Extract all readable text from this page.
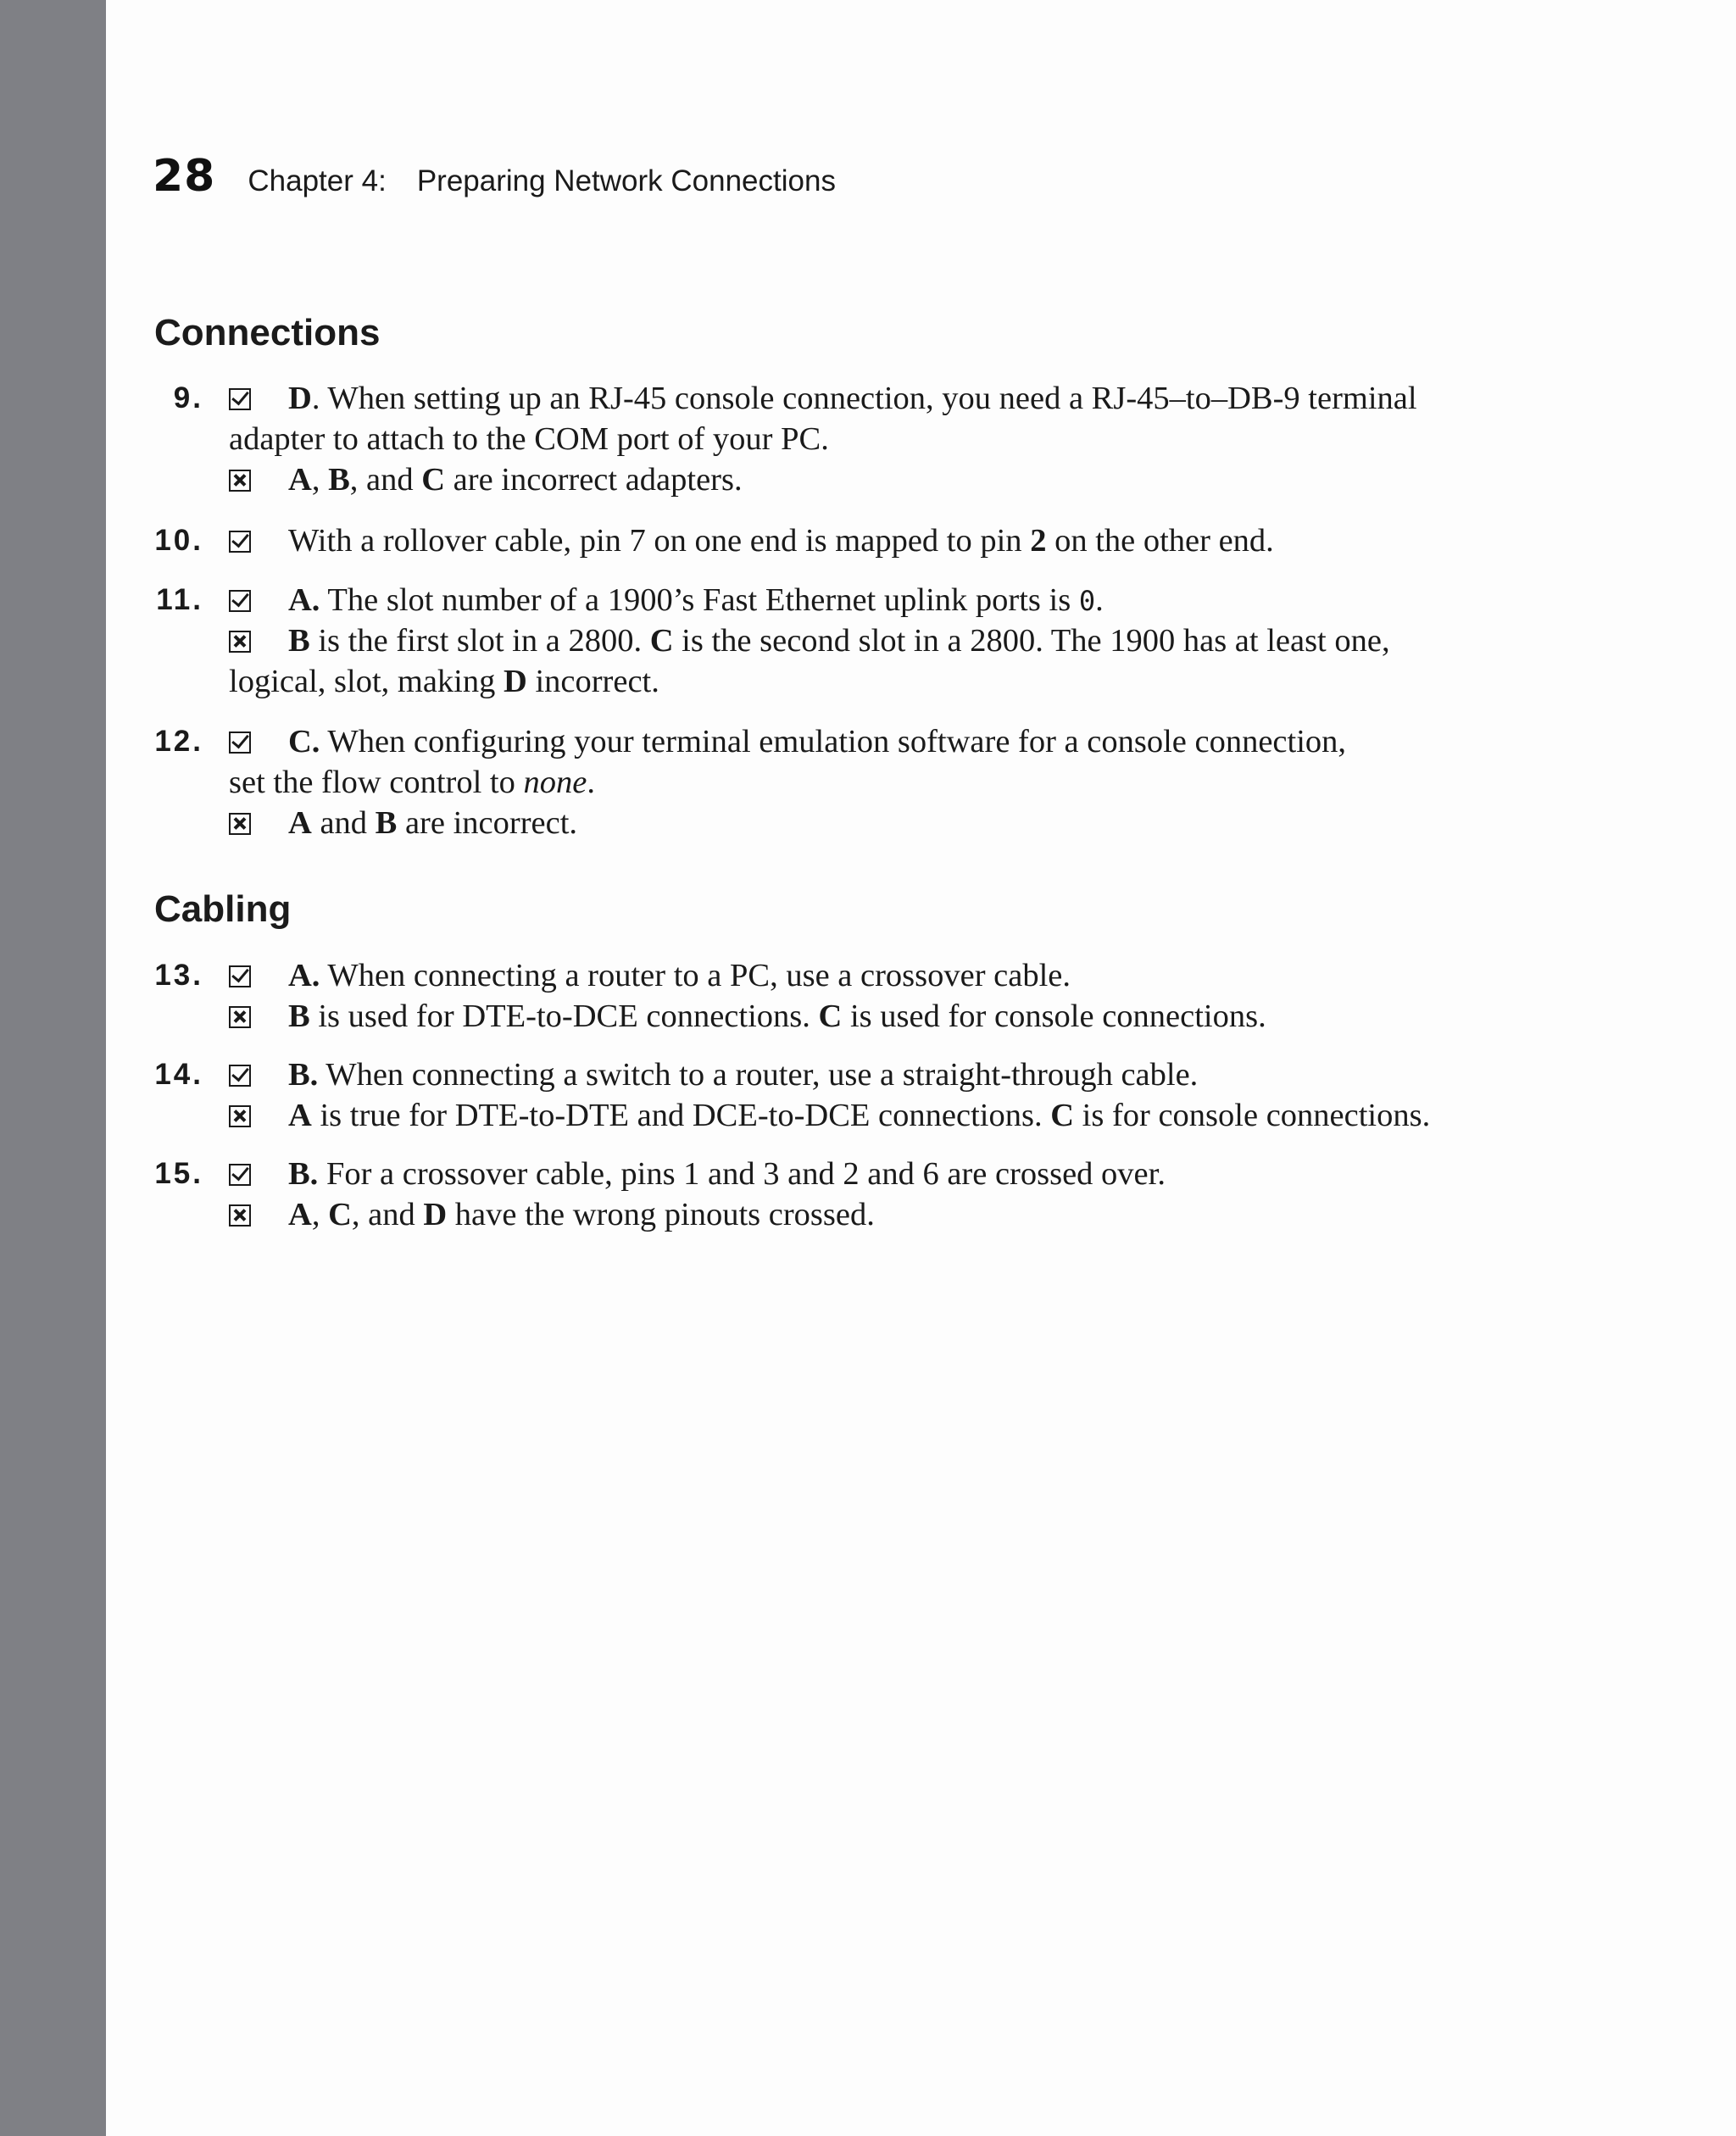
28 Chapter 4: Preparing Network Connections
Connections
9.	D. When setting up an RJ-45 console connection, you need a RJ-45–to–DB-9 terminal
adapter to attach to the COM port of your PC.
A, B, and C are incorrect adapters.
10.	With a rollover cable, pin 7 on one end is mapped to pin 2 on the other end.
11.	A. The slot number of a 1900’s Fast Ethernet uplink ports is 0.
B is the first slot in a 2800. C is the second slot in a 2800. The 1900 has at least one,
logical, slot, making D incorrect.
12.	C. When configuring your terminal emulation software for a console connection,
set the flow control to none.
A and B are incorrect.
Cabling
13.	A. When connecting a router to a PC, use a crossover cable.
B is used for DTE-to-DCE connections. C is used for console connections.
14.	B. When connecting a switch to a router, use a straight-through cable.
A is true for DTE-to-DTE and DCE-to-DCE connections. C is for console connections.
15.	B. For a crossover cable, pins 1 and 3 and 2 and 6 are crossed over.
A, C, and D have the wrong pinouts crossed.
